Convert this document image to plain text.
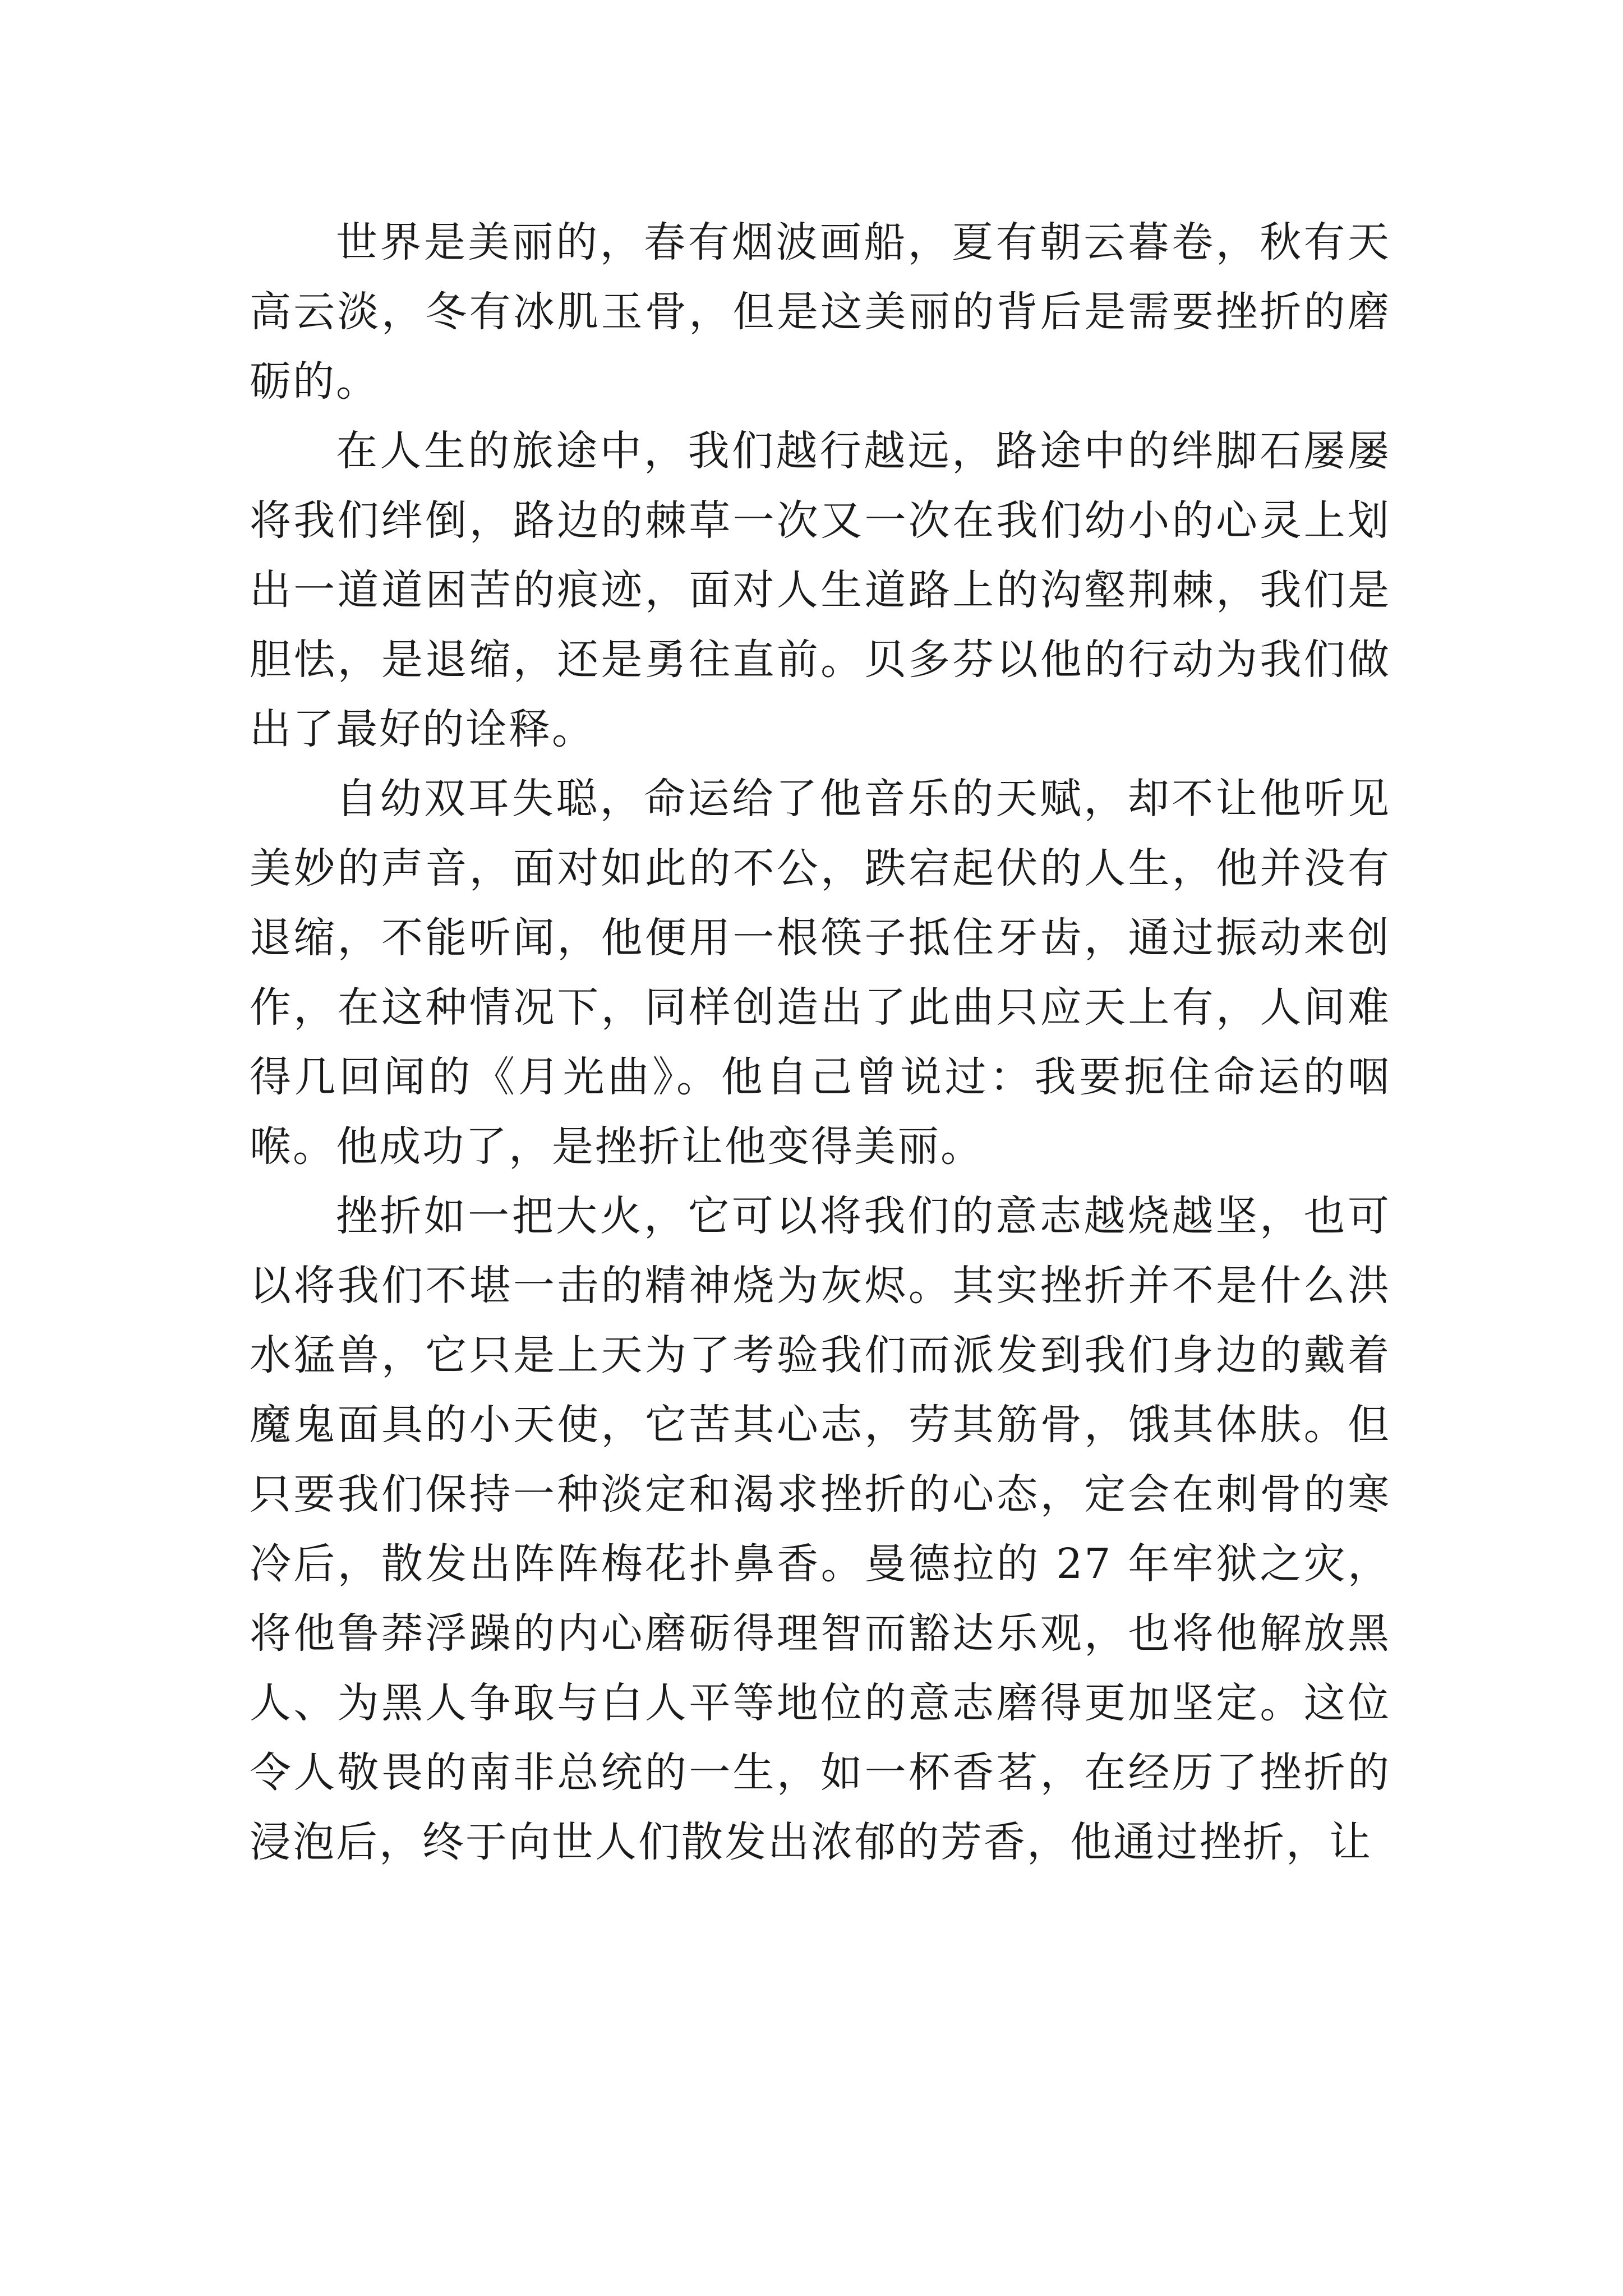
世界是美丽的，春有烟波画船，夏有朝云暮卷，秋有天高云淡，冬有冰肌玉骨，但是这美丽的背后是需要挫折的磨砺的。

在人生的旅途中，我们越行越远，路途中的绊脚石屡屡将我们绊倒，路边的棘草一次又一次在我们幼小的心灵上划出一道道困苦的痕迹，面对人生道路上的沟壑荆棘，我们是胆怯，是退缩，还是勇往直前。贝多芬以他的行动为我们做出了最好的诠释。

自幼双耳失聪，命运给了他音乐的天赋，却不让他听见美妙的声音，面对如此的不公，跌宕起伏的人生，他并没有退缩，不能听闻，他便用一根筷子抵住牙齿，通过振动来创作，在这种情况下，同样创造出了此曲只应天上有，人间难得几回闻的《月光曲》。他自己曾说过：我要扼住命运的咽喉。他成功了，是挫折让他变得美丽。

挫折如一把大火，它可以将我们的意志越烧越坚，也可以将我们不堪一击的精神烧为灰烬。其实挫折并不是什么洪水猛兽，它只是上天为了考验我们而派发到我们身边的戴着魔鬼面具的小天使，它苦其心志，劳其筋骨，饿其体肤。但只要我们保持一种淡定和渴求挫折的心态，定会在刺骨的寒冷后，散发出阵阵梅花扑鼻香。曼德拉的 27 年牢狱之灾，将他鲁莽浮躁的内心磨砺得理智而豁达乐观，也将他解放黑人、为黑人争取与白人平等地位的意志磨得更加坚定。这位令人敬畏的南非总统的一生，如一杯香茗，在经历了挫折的浸泡后，终于向世人们散发出浓郁的芳香，他通过挫折，让
